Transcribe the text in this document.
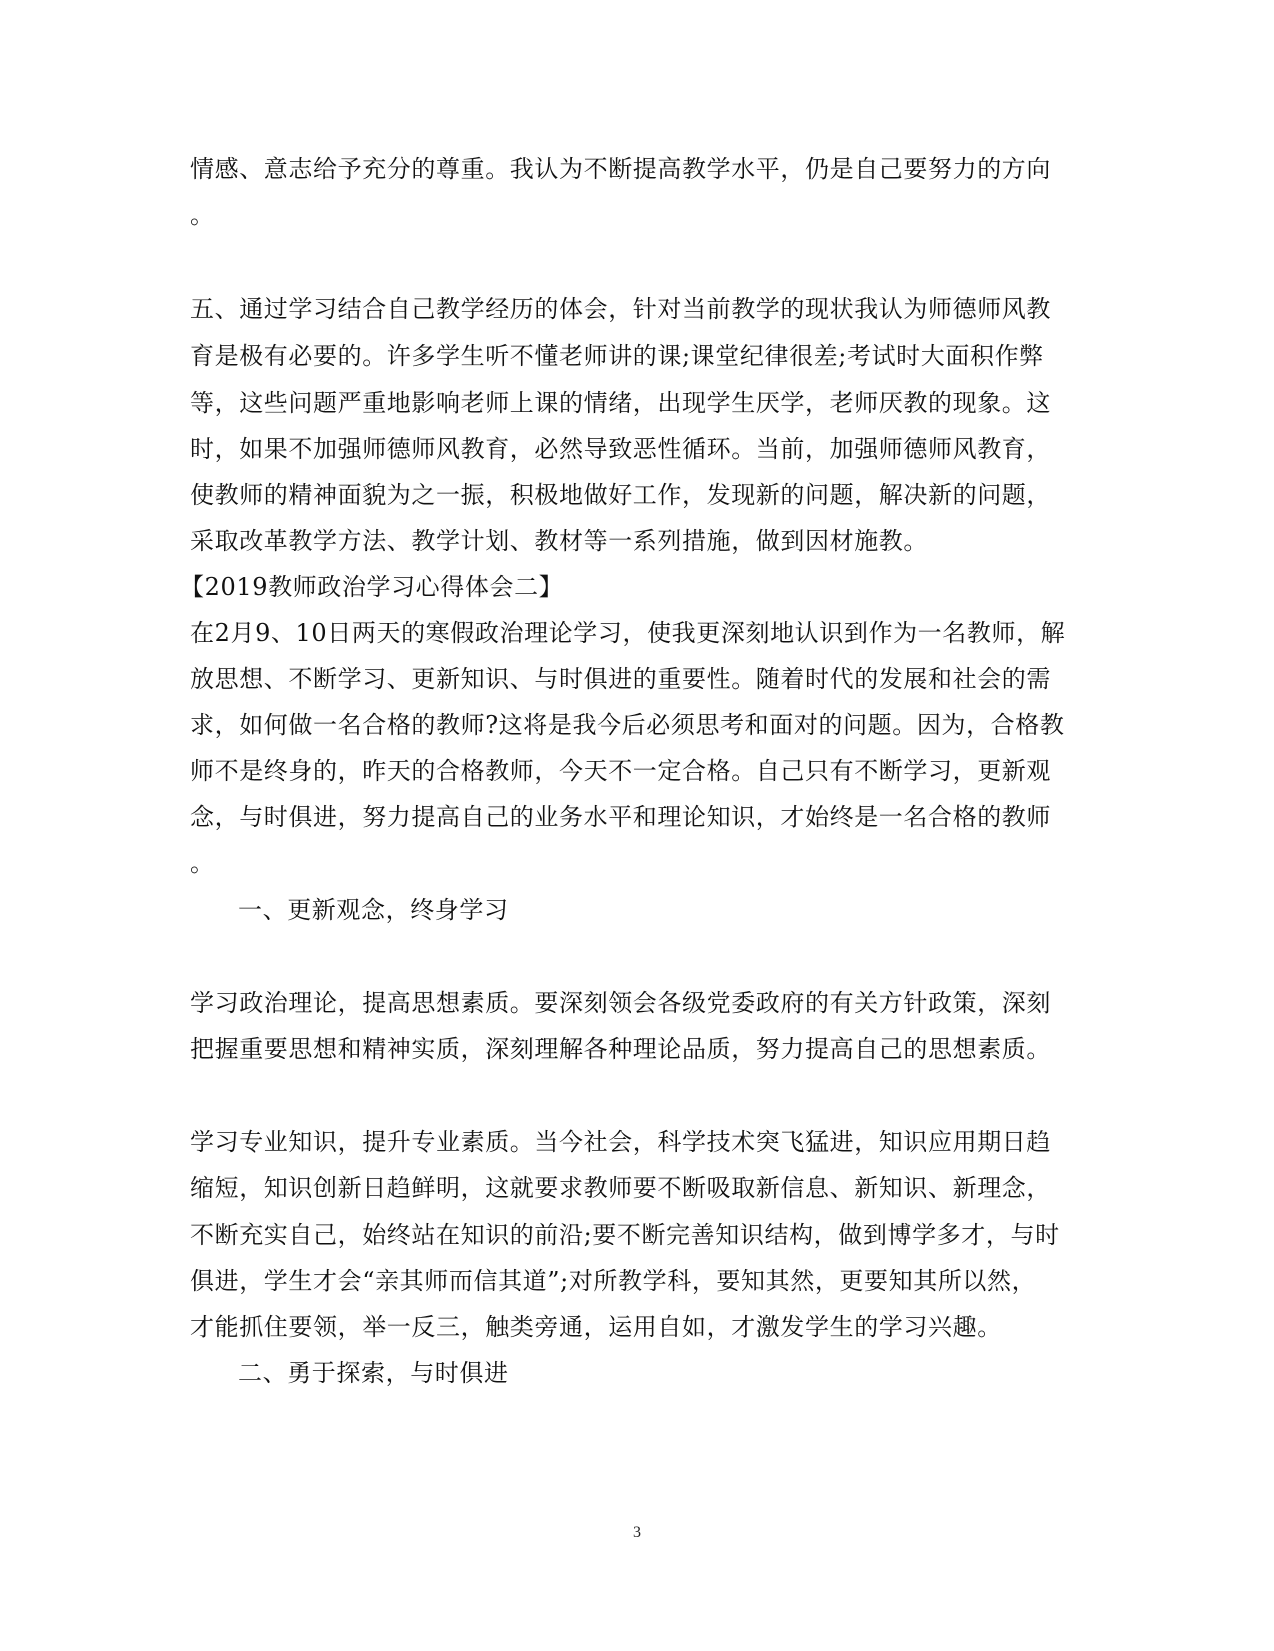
情感、意志给予充分的尊重。我认为不断提高教学水平，仍是自己要努力的方向
。
五、通过学习结合自己教学经历的体会，针对当前教学的现状我认为师德师风教
育是极有必要的。许多学生听不懂老师讲的课;课堂纪律很差;考试时大面积作弊
等，这些问题严重地影响老师上课的情绪，出现学生厌学，老师厌教的现象。这
时，如果不加强师德师风教育，必然导致恶性循环。当前，加强师德师风教育，
使教师的精神面貌为之一振，积极地做好工作，发现新的问题，解决新的问题，
采取改革教学方法、教学计划、教材等一系列措施，做到因材施教。
【2019教师政治学习心得体会二】
在2月9、10日两天的寒假政治理论学习，使我更深刻地认识到作为一名教师，解
放思想、不断学习、更新知识、与时俱进的重要性。随着时代的发展和社会的需
求，如何做一名合格的教师?这将是我今后必须思考和面对的问题。因为，合格教
师不是终身的，昨天的合格教师，今天不一定合格。自己只有不断学习，更新观
念，与时俱进，努力提高自己的业务水平和理论知识，才始终是一名合格的教师
。
一、更新观念，终身学习
学习政治理论，提高思想素质。要深刻领会各级党委政府的有关方针政策，深刻
把握重要思想和精神实质，深刻理解各种理论品质，努力提高自己的思想素质。
学习专业知识，提升专业素质。当今社会，科学技术突飞猛进，知识应用期日趋
缩短，知识创新日趋鲜明，这就要求教师要不断吸取新信息、新知识、新理念，
不断充实自己，始终站在知识的前沿;要不断完善知识结构，做到博学多才，与时
俱进，学生才会“亲其师而信其道”;对所教学科，要知其然，更要知其所以然，
才能抓住要领，举一反三，触类旁通，运用自如，才激发学生的学习兴趣。
二、勇于探索，与时俱进
3
